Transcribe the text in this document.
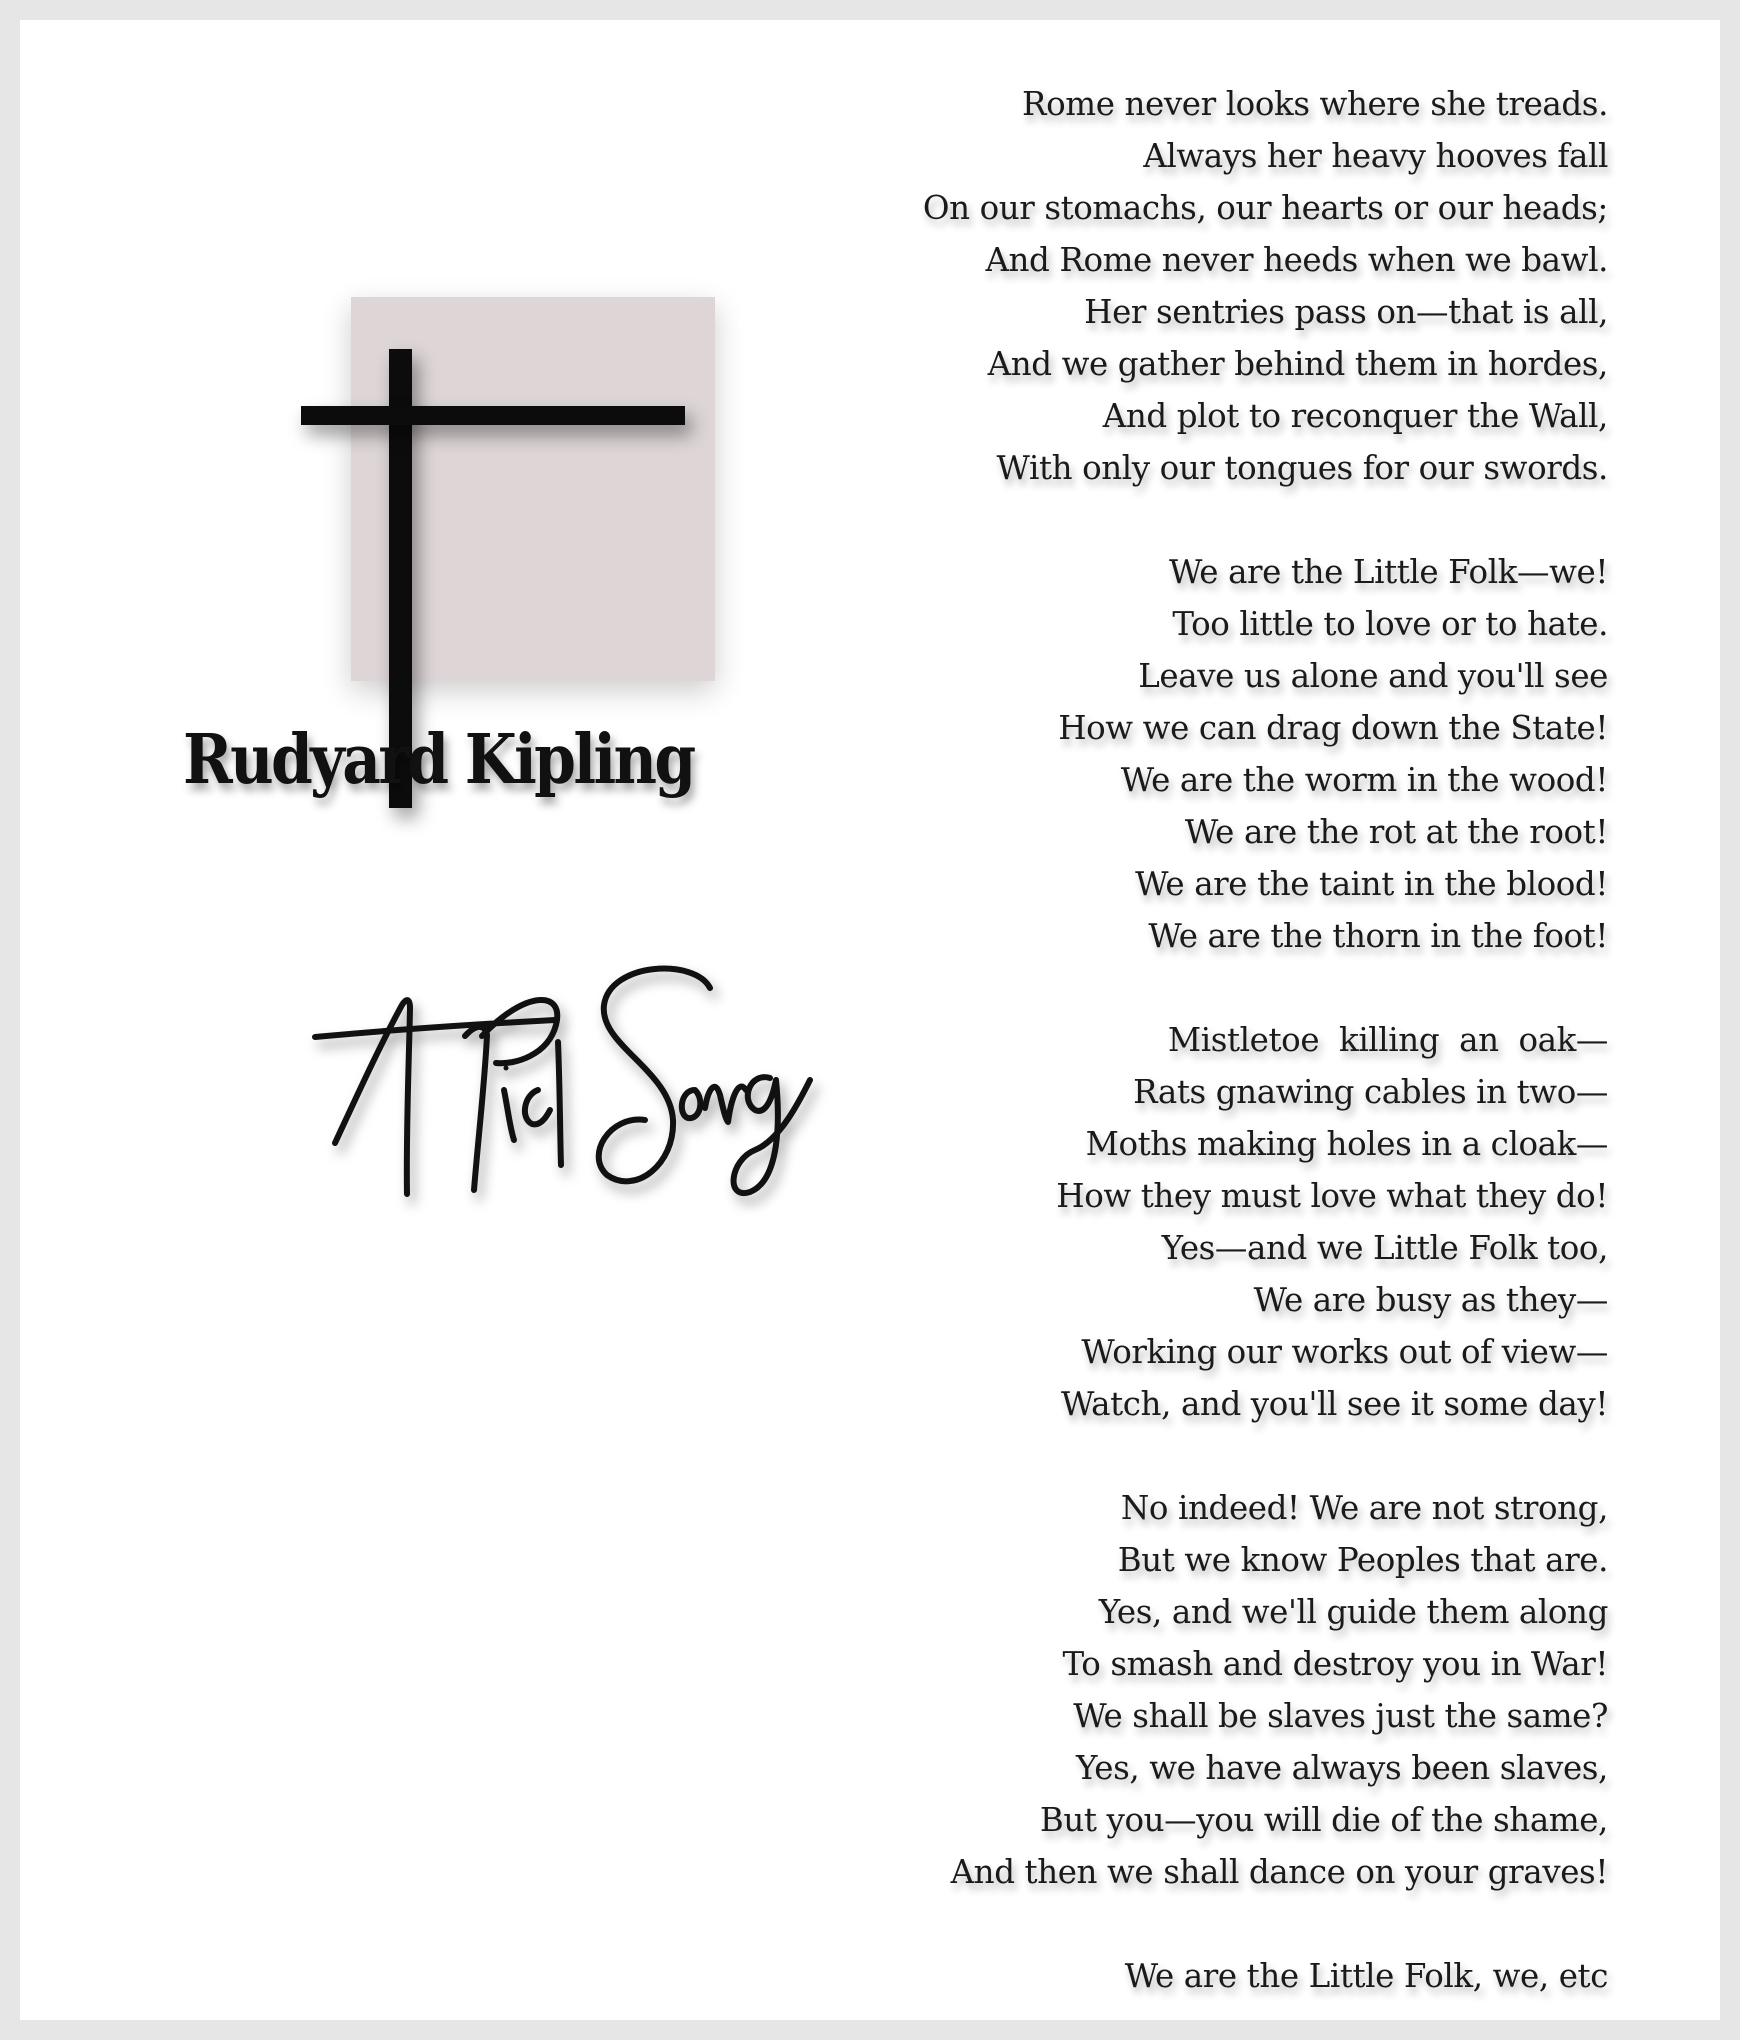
Rudyard Kipling
Rome never looks where she treads.
Always her heavy hooves fall
On our stomachs, our hearts or our heads;
And Rome never heeds when we bawl.
Her sentries pass on—that is all,
And we gather behind them in hordes,
And plot to reconquer the Wall,
With only our tongues for our swords.
We are the Little Folk—we!
Too little to love or to hate.
Leave us alone and you'll see
How we can drag down the State!
We are the worm in the wood!
We are the rot at the root!
We are the taint in the blood!
We are the thorn in the foot!
Mistletoe  killing  an  oak—
Rats gnawing cables in two—
Moths making holes in a cloak—
How they must love what they do!
Yes—and we Little Folk too,
We are busy as they—
Working our works out of view—
Watch, and you'll see it some day!
No indeed! We are not strong,
But we know Peoples that are.
Yes, and we'll guide them along
To smash and destroy you in War!
We shall be slaves just the same?
Yes, we have always been slaves,
But you—you will die of the shame,
And then we shall dance on your graves!
We are the Little Folk, we, etc
